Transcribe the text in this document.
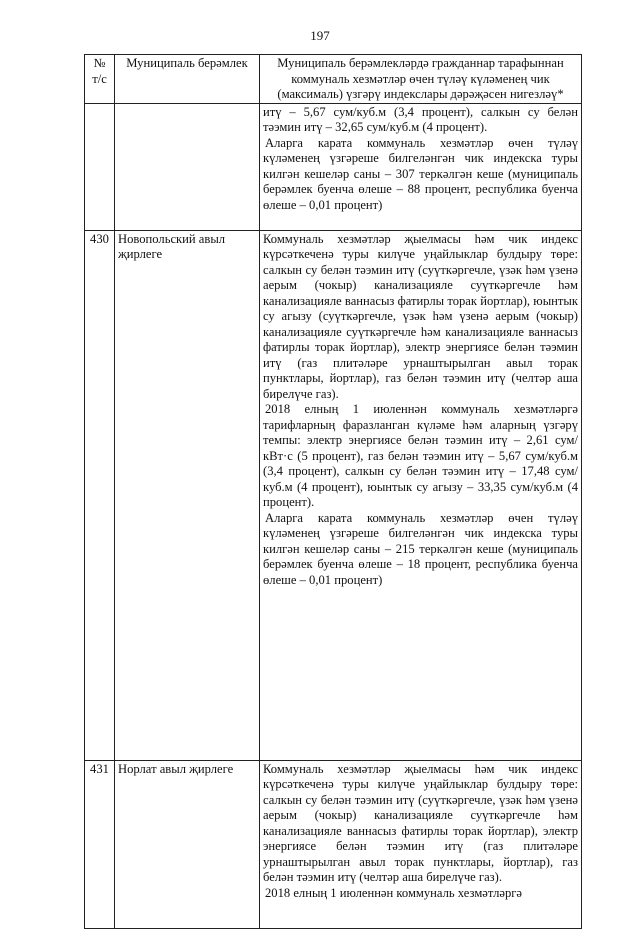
197
№ т/с	Муниципаль берәмлек	Муниципаль берәмлекләрдә гражданнар тарафыннан коммуналь хезмәтләр өчен түләү күләменең чик (максималь) үзгәрү индекслары дәрәҗәсен нигезләү*

		итү – 5,67 сум/куб.м (3,4 процент), салкын су белән тәэмин итү – 32,65 сум/куб.м (4 процент).

Аларга карата коммуналь хезмәтләр өчен түләү күләменең үзгәреше билгеләнгән чик индекска туры килгән кешеләр саны – 307 теркәлгән кеше (муниципаль берәмлек буенча өлеше – 88 процент, республика буенча өлеше – 0,01 процент)

430	Новопольский авыл җирлеге	Коммуналь хезмәтләр җыелмасы һәм чик индекс күрсәткеченә туры килүче уңайлыклар булдыру төре: салкын су белән тәэмин итү (суүткәргечле, үзәк һәм үзенә аерым (чокыр) канализацияле суүткәргечле һәм канализацияле ваннасыз фатирлы торак йортлар), юынтык су агызу (суүткәргечле, үзәк һәм үзенә аерым (чокыр) канализацияле суүткәргечле һәм канализацияле ваннасыз фатирлы торак йортлар), электр энергиясе белән тәэмин итү (газ плитәләре урнаштырылган авыл торак пунктлары, йортлар), газ белән тәэмин итү (челтәр аша бирелүче газ).

2018 елның 1 июленнән коммуналь хезмәтләргә тарифларның фаразланган күләме һәм аларның үзгәрү темпы: электр энергиясе белән тәэмин итү – 2,61 сум/кВт·с (5 процент), газ белән тәэмин итү – 5,67 сум/куб.м (3,4 процент), салкын су белән тәэмин итү – 17,48 сум/куб.м (4 процент), юынтык су агызу – 33,35 сум/куб.м (4 процент).

Аларга карата коммуналь хезмәтләр өчен түләү күләменең үзгәреше билгеләнгән чик индекска туры килгән кешеләр саны – 215 теркәлгән кеше (муниципаль берәмлек буенча өлеше – 18 процент, республика буенча өлеше – 0,01 процент)

431	Норлат авыл җирлеге	Коммуналь хезмәтләр җыелмасы һәм чик индекс күрсәткеченә туры килүче уңайлыклар булдыру төре: салкын су белән тәэмин итү (суүткәргечле, үзәк һәм үзенә аерым (чокыр) канализацияле суүткәргечле һәм канализацияле ваннасыз фатирлы торак йортлар), электр энергиясе белән тәэмин итү (газ плитәләре урнаштырылган авыл торак пунктлары, йортлар), газ белән тәэмин итү (челтәр аша бирелүче газ).

2018 елның 1 июленнән коммуналь хезмәтләргә
